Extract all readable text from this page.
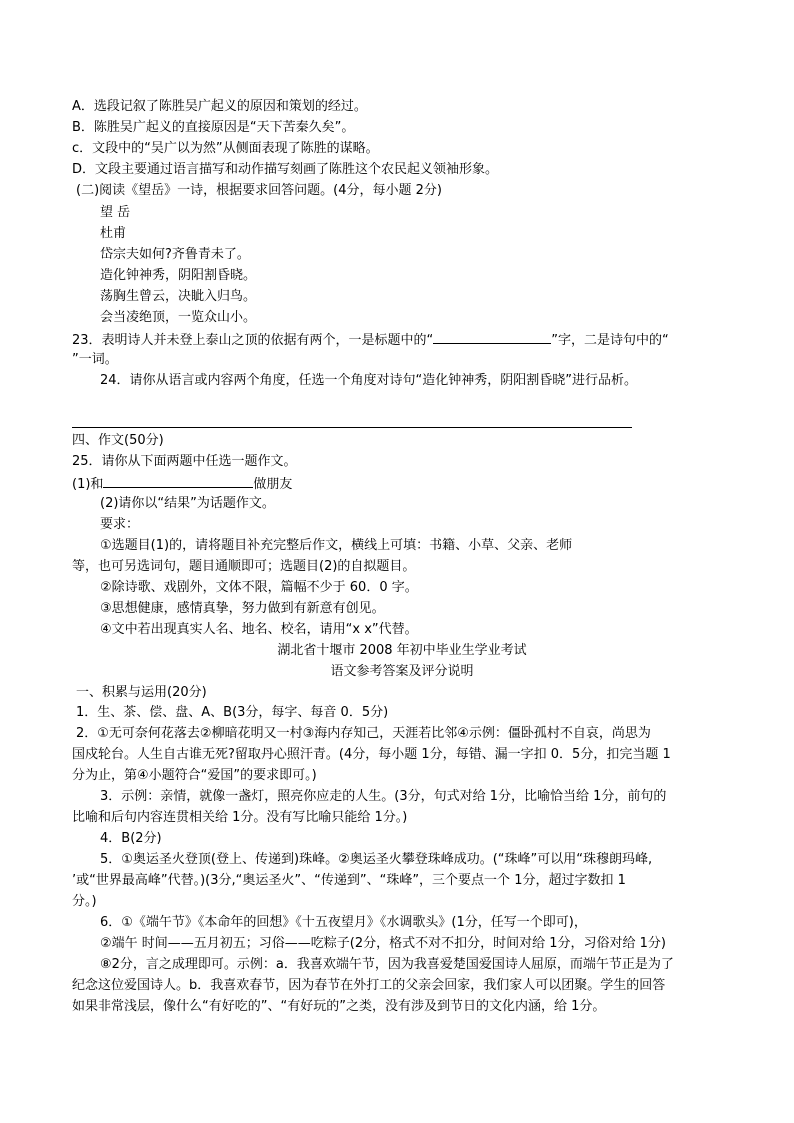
A．选段记叙了陈胜吴广起义的原因和策划的经过。
B．陈胜吴广起义的直接原因是“天下苦秦久矣”。
c．文段中的“吴广以为然”从侧面表现了陈胜的谋略。
D．文段主要通过语言描写和动作描写刻画了陈胜这个农民起义领袖形象。
(二)阅读《望岳》一诗，根据要求回答问题。(4分，每小题 2分)
望 岳
杜甫
岱宗夫如何?齐鲁青未了。
造化钟神秀，阴阳割昏晓。
荡胸生曾云，决眦入归鸟。
会当凌绝顶，一览众山小。
23．表明诗人并未登上泰山之顶的依据有两个，一是标题中的“	”字，二是诗句中的“
”一词。
24．请你从语言或内容两个角度，任选一个角度对诗句“造化钟神秀，阴阳割昏晓”进行品析。
四、作文(50分)
25．请你从下面两题中任选一题作文。
(1)和	做朋友
(2)请你以“结果”为话题作文。
要求：
①选题目(1)的，请将题目补充完整后作文，横线上可填：书籍、小草、父亲、老师
等，也可另选词句，题目通顺即可；选题目(2)的自拟题目。
②除诗歌、戏剧外，文体不限，篇幅不少于 60．0 字。
③思想健康，感情真挚，努力做到有新意有创见。
④文中若出现真实人名、地名、校名，请用“x x”代替。
湖北省十堰市 2008 年初中毕业生学业考试
语文参考答案及评分说明
一、积累与运用(20分)
1．生、茶、偿、盘、A、B(3分，每字、每音 0．5分)
2．①无可奈何花落去②柳暗花明又一村③海内存知己，天涯若比邻④示例：僵卧孤村不自哀，尚思为
国戍轮台。人生自古谁无死?留取丹心照汗青。(4分，每小题 1分，每错、漏一字扣 0．5分，扣完当题 1
分为止，第④小题符合“爱国”的要求即可。)
3．示例：亲情，就像一盏灯，照亮你应走的人生。(3分，句式对给 1分，比喻恰当给 1分，前句的
比喻和后句内容连贯相关给 1分。没有写比喻只能给 1分。)
4．B(2分)
5．①奥运圣火登顶(登上、传递到)珠峰。②奥运圣火攀登珠峰成功。(“珠峰”可以用“珠穆朗玛峰,
’或“世界最高峰”代替。)(3分,“奥运圣火”、“传递到”、“珠峰”，三个要点一个 1分，超过字数扣 1
分。)
6．①《端午节》《本命年的回想》《十五夜望月》《水调歌头》(1分，任写一个即可)，
②端午 时间——五月初五；习俗——吃粽子(2分，格式不对不扣分，时间对给 1分，习俗对给 1分)
⑧2分，言之成理即可。示例：a．我喜欢端午节，因为我喜爱楚国爱国诗人屈原，而端午节正是为了
纪念这位爱国诗人。b．我喜欢春节，因为春节在外打工的父亲会回家，我们家人可以团聚。学生的回答
如果非常浅层，像什么“有好吃的”、“有好玩的”之类，没有涉及到节日的文化内涵，给 1分。
